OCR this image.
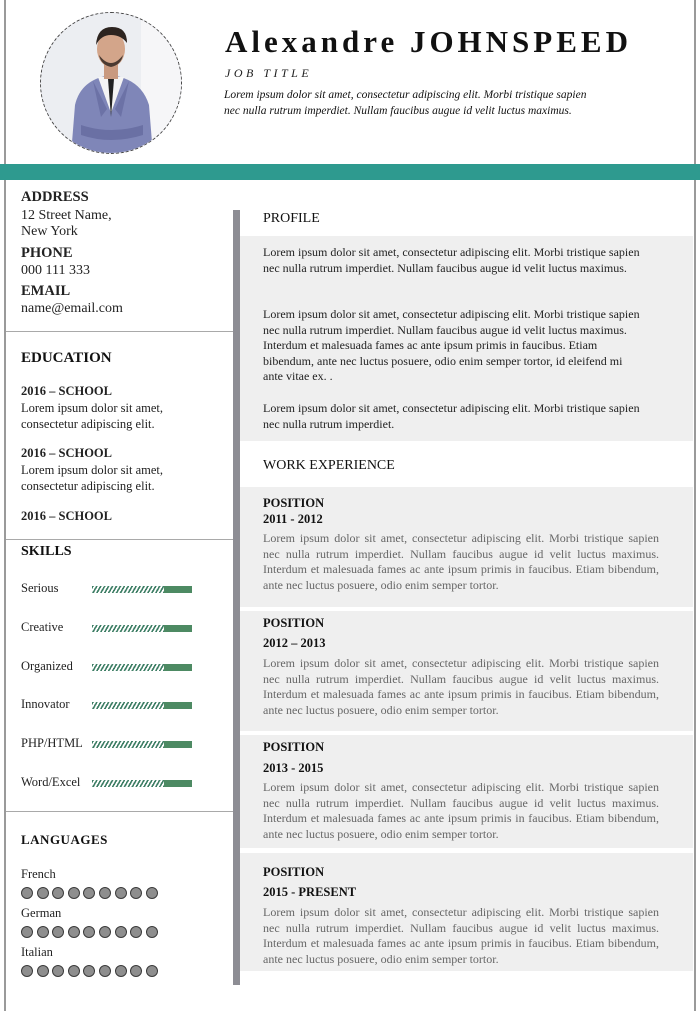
Alexandre JOHNSPEED
JOB TITLE
Lorem ipsum dolor sit amet, consectetur adipiscing elit. Morbi tristique sapien nec nulla rutrum imperdiet. Nullam faucibus augue id velit luctus maximus.
ADDRESS
12 Street Name,
New York
PHONE
000 111 333
EMAIL
name@email.com
EDUCATION
2016 – SCHOOL
Lorem ipsum dolor sit amet, consectetur adipiscing elit.
2016 – SCHOOL
Lorem ipsum dolor sit amet, consectetur adipiscing elit.
2016 – SCHOOL
SKILLS
Serious
Creative
Organized
Innovator
PHP/HTML
Word/Excel
LANGUAGES
French
German
Italian
PROFILE
Lorem ipsum dolor sit amet, consectetur adipiscing elit. Morbi tristique sapien nec nulla rutrum imperdiet. Nullam faucibus augue id velit luctus maximus.
Lorem ipsum dolor sit amet, consectetur adipiscing elit. Morbi tristique sapien nec nulla rutrum imperdiet. Nullam faucibus augue id velit luctus maximus. Interdum et malesuada fames ac ante ipsum primis in faucibus. Etiam bibendum, ante nec luctus posuere, odio enim semper tortor, id eleifend mi ante vitae ex. .
Lorem ipsum dolor sit amet, consectetur adipiscing elit. Morbi tristique sapien nec nulla rutrum imperdiet.
WORK EXPERIENCE
POSITION
2011 - 2012
Lorem ipsum dolor sit amet, consectetur adipiscing elit. Morbi tristique sapien nec nulla rutrum imperdiet. Nullam faucibus augue id velit luctus maximus. Interdum et malesuada fames ac ante ipsum primis in faucibus. Etiam bibendum, ante nec luctus posuere, odio enim semper tortor.
POSITION
2012 – 2013
Lorem ipsum dolor sit amet, consectetur adipiscing elit. Morbi tristique sapien nec nulla rutrum imperdiet. Nullam faucibus augue id velit luctus maximus. Interdum et malesuada fames ac ante ipsum primis in faucibus. Etiam bibendum, ante nec luctus posuere, odio enim semper tortor.
POSITION
2013 - 2015
Lorem ipsum dolor sit amet, consectetur adipiscing elit. Morbi tristique sapien nec nulla rutrum imperdiet. Nullam faucibus augue id velit luctus maximus. Interdum et malesuada fames ac ante ipsum primis in faucibus. Etiam bibendum, ante nec luctus posuere, odio enim semper tortor.
POSITION
2015 - PRESENT
Lorem ipsum dolor sit amet, consectetur adipiscing elit. Morbi tristique sapien nec nulla rutrum imperdiet. Nullam faucibus augue id velit luctus maximus. Interdum et malesuada fames ac ante ipsum primis in faucibus. Etiam bibendum, ante nec luctus posuere, odio enim semper tortor.
